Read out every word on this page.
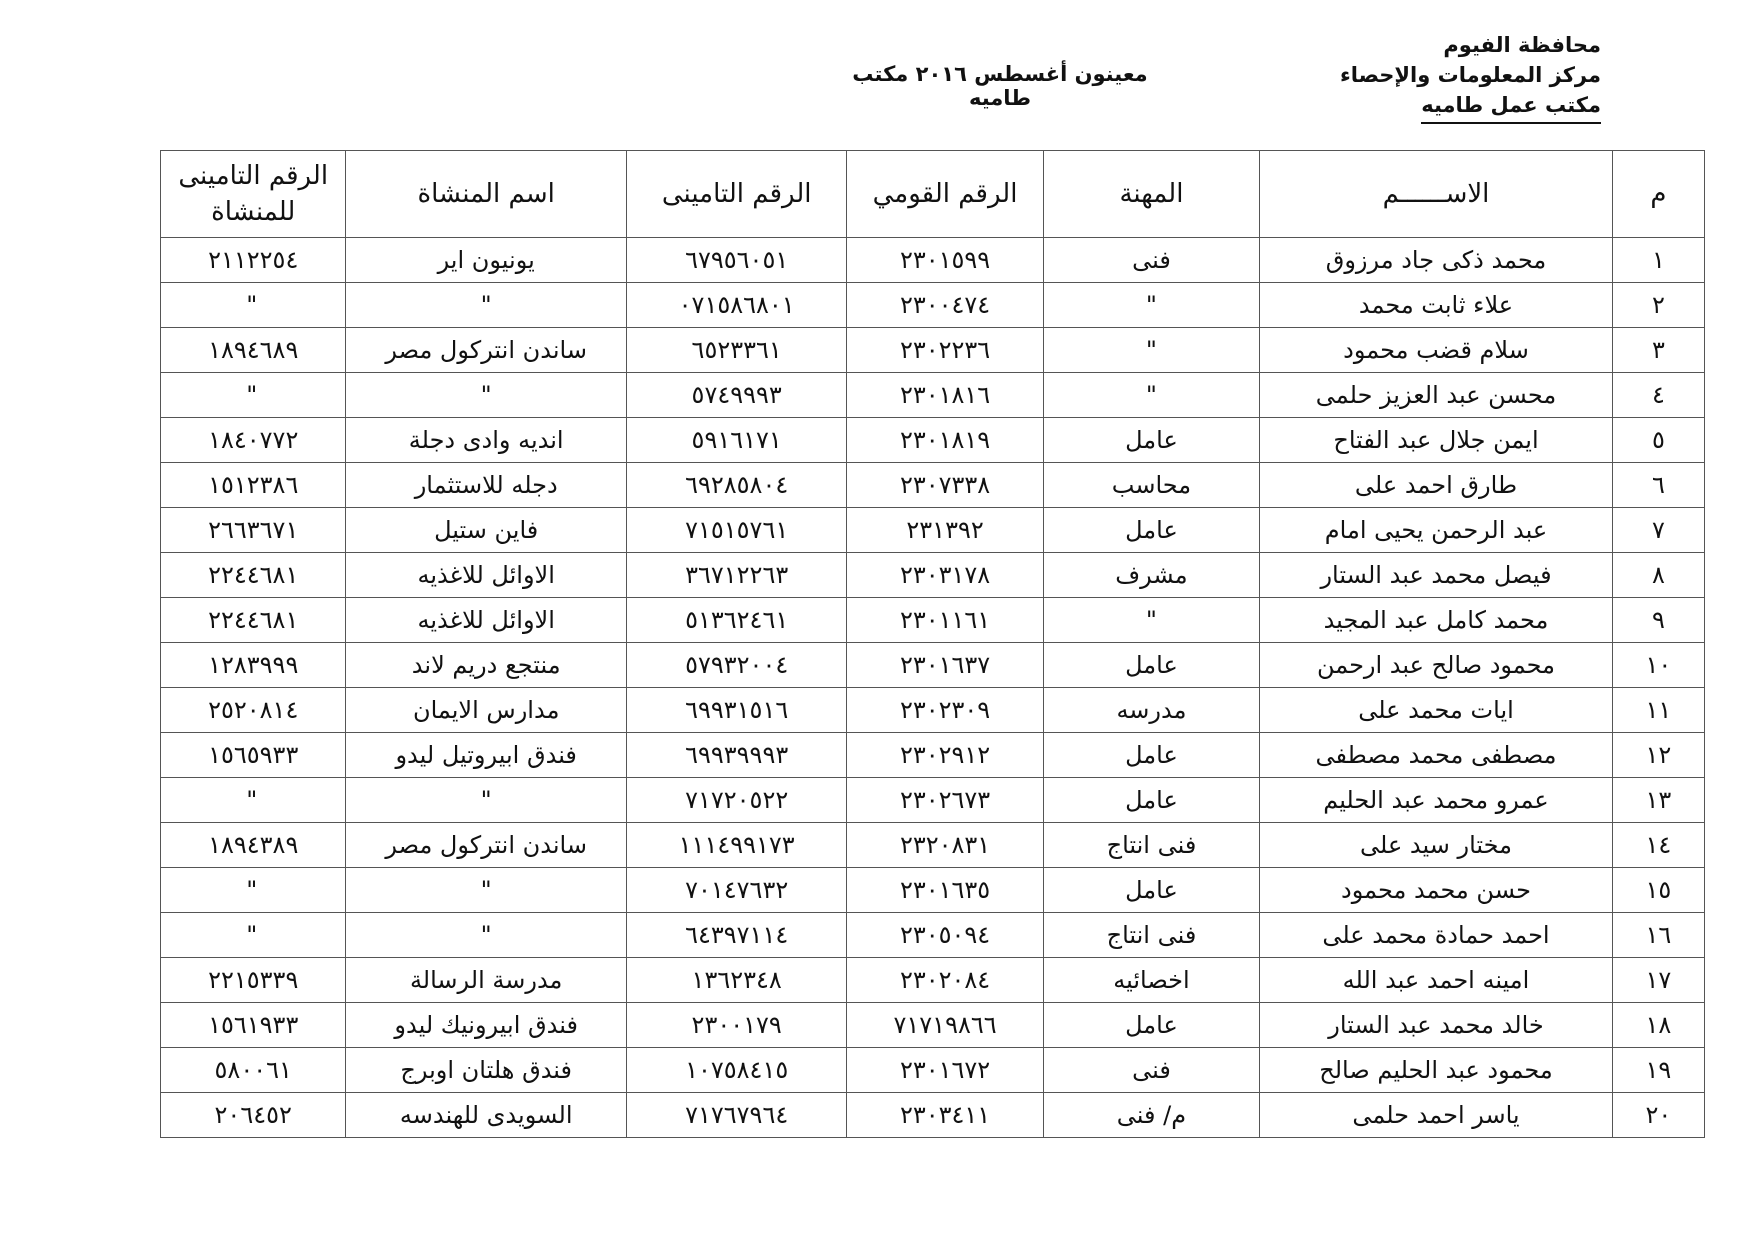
محافظة الفيوم
مركز المعلومات والإحصاء
مكتب عمل طاميه
معينون أغسطس ٢٠١٦ مكتب طاميه
م	الاســــــم	المهنة	الرقم القومي	الرقم التامينى	اسم المنشاة	الرقم التامينى للمنشاة
١	محمد ذكى جاد مرزوق	فنى	٢٣٠١٥٩٩	٦٧٩٥٦٠٥١	يونيون اير	٢١١٢٢٥٤
٢	علاء ثابت محمد	"	٢٣٠٠٤٧٤	٠٧١٥٨٦٨٠١	"	"
٣	سلام قضب محمود	"	٢٣٠٢٢٣٦	٦٥٢٣٣٦١	ساندن انتركول مصر	١٨٩٤٦٨٩
٤	محسن عبد العزيز حلمى	"	٢٣٠١٨١٦	٥٧٤٩٩٩٣	"	"
٥	ايمن جلال عبد الفتاح	عامل	٢٣٠١٨١٩	٥٩١٦١٧١	انديه وادى دجلة	١٨٤٠٧٧٢
٦	طارق احمد على	محاسب	٢٣٠٧٣٣٨	٦٩٢٨٥٨٠٤	دجله للاستثمار	١٥١٢٣٨٦
٧	عبد الرحمن يحيى امام	عامل	٢٣١٣٩٢	٧١٥١٥٧٦١	فاين ستيل	٢٦٦٣٦٧١
٨	فيصل محمد عبد الستار	مشرف	٢٣٠٣١٧٨	٣٦٧١٢٢٦٣	الاوائل للاغذيه	٢٢٤٤٦٨١
٩	محمد كامل عبد المجيد	"	٢٣٠١١٦١	٥١٣٦٢٤٦١	الاوائل للاغذيه	٢٢٤٤٦٨١
١٠	محمود صالح عبد ارحمن	عامل	٢٣٠١٦٣٧	٥٧٩٣٢٠٠٤	منتجع دريم لاند	١٢٨٣٩٩٩
١١	ايات محمد على	مدرسه	٢٣٠٢٣٠٩	٦٩٩٣١٥١٦	مدارس الايمان	٢٥٢٠٨١٤
١٢	مصطفى محمد مصطفى	عامل	٢٣٠٢٩١٢	٦٩٩٣٩٩٩٣	فندق ابيروتيل ليدو	١٥٦٥٩٣٣
١٣	عمرو محمد عبد الحليم	عامل	٢٣٠٢٦٧٣	٧١٧٢٠٥٢٢	"	"
١٤	مختار سيد على	فنى انتاج	٢٣٢٠٨٣١	١١١٤٩٩١٧٣	ساندن انتركول مصر	١٨٩٤٣٨٩
١٥	حسن محمد محمود	عامل	٢٣٠١٦٣٥	٧٠١٤٧٦٣٢	"	"
١٦	احمد حمادة محمد على	فنى انتاج	٢٣٠٥٠٩٤	٦٤٣٩٧١١٤	"	"
١٧	امينه احمد عبد الله	اخصائيه	٢٣٠٢٠٨٤	١٣٦٢٣٤٨	مدرسة الرسالة	٢٢١٥٣٣٩
١٨	خالد محمد عبد الستار	عامل	٧١٧١٩٨٦٦	٢٣٠٠١٧٩	فندق ابيرونيك ليدو	١٥٦١٩٣٣
١٩	محمود عبد الحليم صالح	فنى	٢٣٠١٦٧٢	١٠٧٥٨٤١٥	فندق هلتان اوبرج	٥٨٠٠٦١
٢٠	ياسر احمد حلمى	م/ فنى	٢٣٠٣٤١١	٧١٧٦٧٩٦٤	السويدى للهندسه	٢٠٦٤٥٢
